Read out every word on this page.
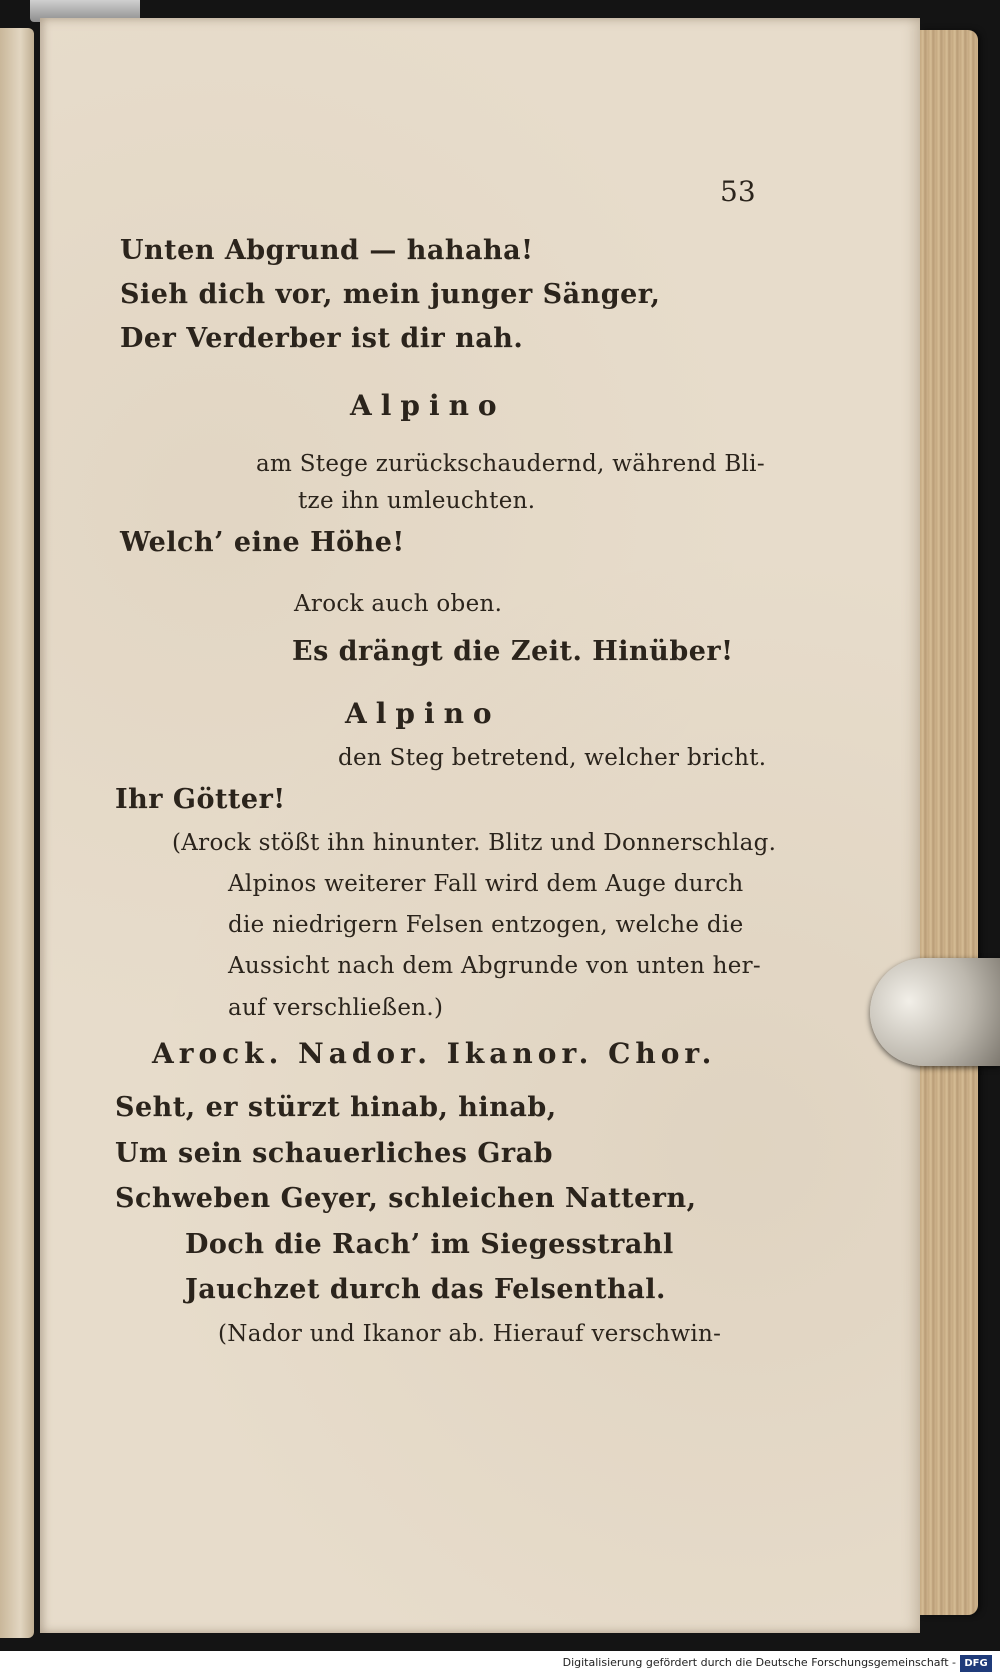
53

Unten Abgrund — hahaha!

Sieh dich vor, mein junger Sänger,

Der Verderber ist dir nah.

Alpino

am Stege zurückschaudernd, während Bli-

tze ihn umleuchten.

Welch’ eine Höhe!

Arock auch oben.

Es drängt die Zeit. Hinüber!

Alpino

den Steg betretend, welcher bricht.

Ihr Götter!

(Arock stößt ihn hinunter. Blitz und Donnerschlag.

Alpinos weiterer Fall wird dem Auge durch

die niedrigern Felsen entzogen, welche die

Aussicht nach dem Abgrunde von unten her-

auf verschließen.)

Arock. Nador. Ikanor. Chor.

Seht, er stürzt hinab, hinab,

Um sein schauerliches Grab

Schweben Geyer, schleichen Nattern,

Doch die Rach’ im Siegesstrahl

Jauchzet durch das Felsenthal.

(Nador und Ikanor ab. Hierauf verschwin-

Digitalisierung gefördert durch die Deutsche Forschungsgemeinschaft - DFG
